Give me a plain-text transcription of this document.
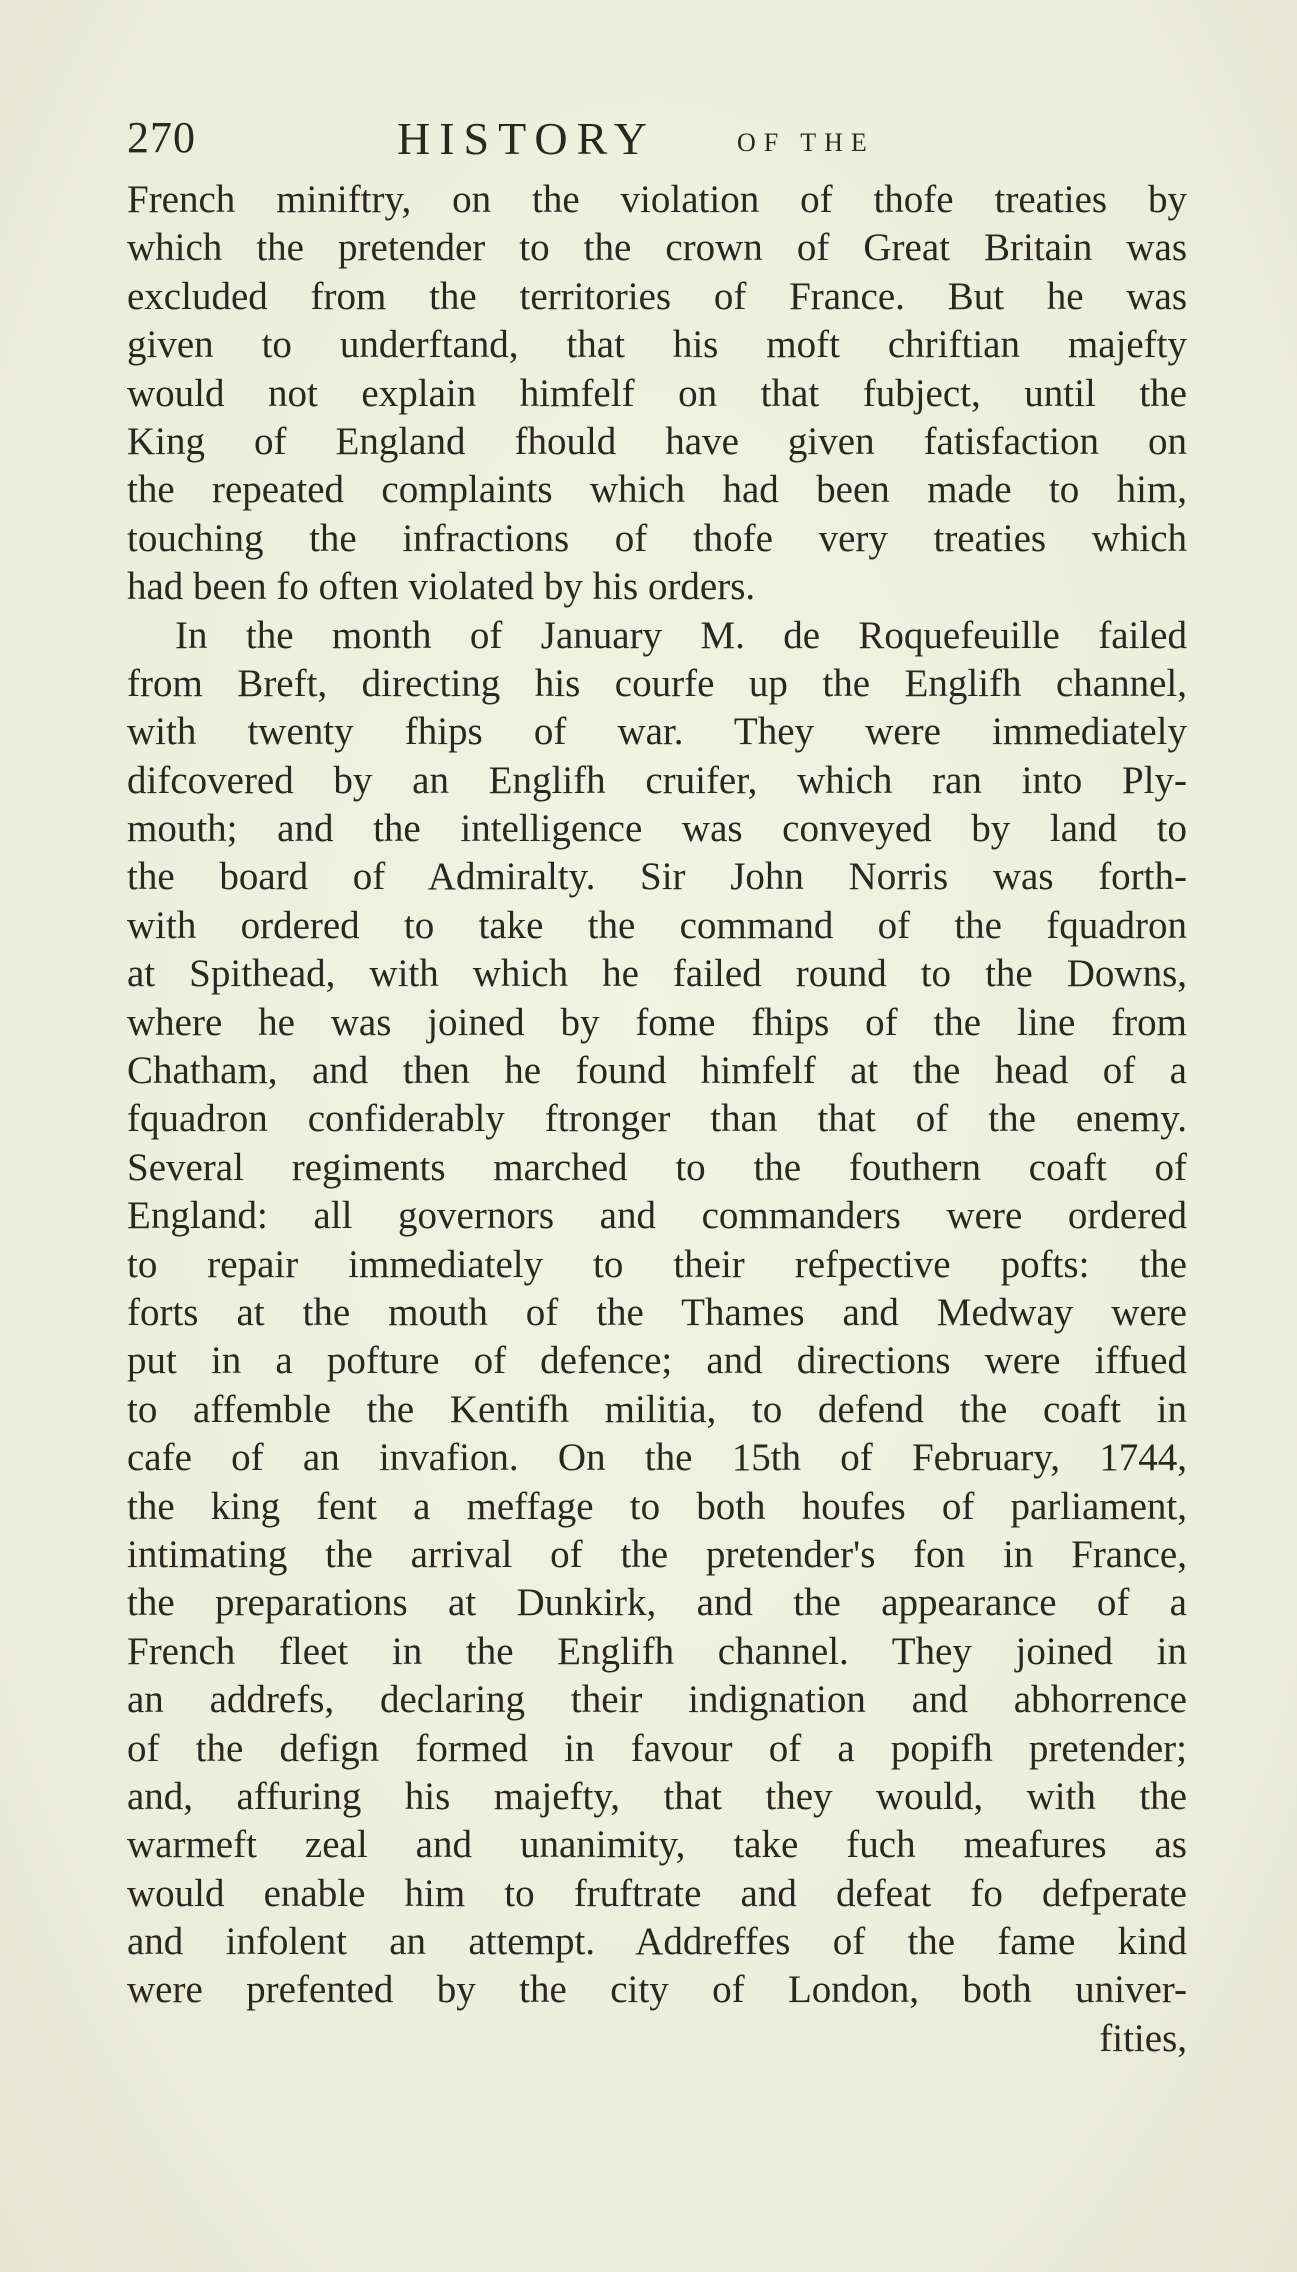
270	HISTORY	OF THE
French miniftry, on the violation of thofe treaties by
which the pretender to the crown of Great Britain was
excluded from the territories of France. But he was
given to underftand, that his moft chriftian majefty
would not explain himfelf on that fubject, until the
King of England fhould have given fatisfaction on
the repeated complaints which had been made to him,
touching the infractions of thofe very treaties which
had been fo often violated by his orders.
In the month of January M. de Roquefeuille failed
from Breft, directing his courfe up the Englifh channel,
with twenty fhips of war. They were immediately
difcovered by an Englifh cruifer, which ran into Ply-
mouth; and the intelligence was conveyed by land to
the board of Admiralty. Sir John Norris was forth-
with ordered to take the command of the fquadron
at Spithead, with which he failed round to the Downs,
where he was joined by fome fhips of the line from
Chatham, and then he found himfelf at the head of a
fquadron confiderably ftronger than that of the enemy.
Several regiments marched to the fouthern coaft of
England: all governors and commanders were ordered
to repair immediately to their refpective pofts: the
forts at the mouth of the Thames and Medway were
put in a pofture of defence; and directions were iffued
to affemble the Kentifh militia, to defend the coaft in
cafe of an invafion. On the 15th of February, 1744,
the king fent a meffage to both houfes of parliament,
intimating the arrival of the pretender's fon in France,
the preparations at Dunkirk, and the appearance of a
French fleet in the Englifh channel. They joined in
an addrefs, declaring their indignation and abhorrence
of the defign formed in favour of a popifh pretender;
and, affuring his majefty, that they would, with the
warmeft zeal and unanimity, take fuch meafures as
would enable him to fruftrate and defeat fo defperate
and infolent an attempt. Addreffes of the fame kind
were prefented by the city of London, both univer-
fities,
